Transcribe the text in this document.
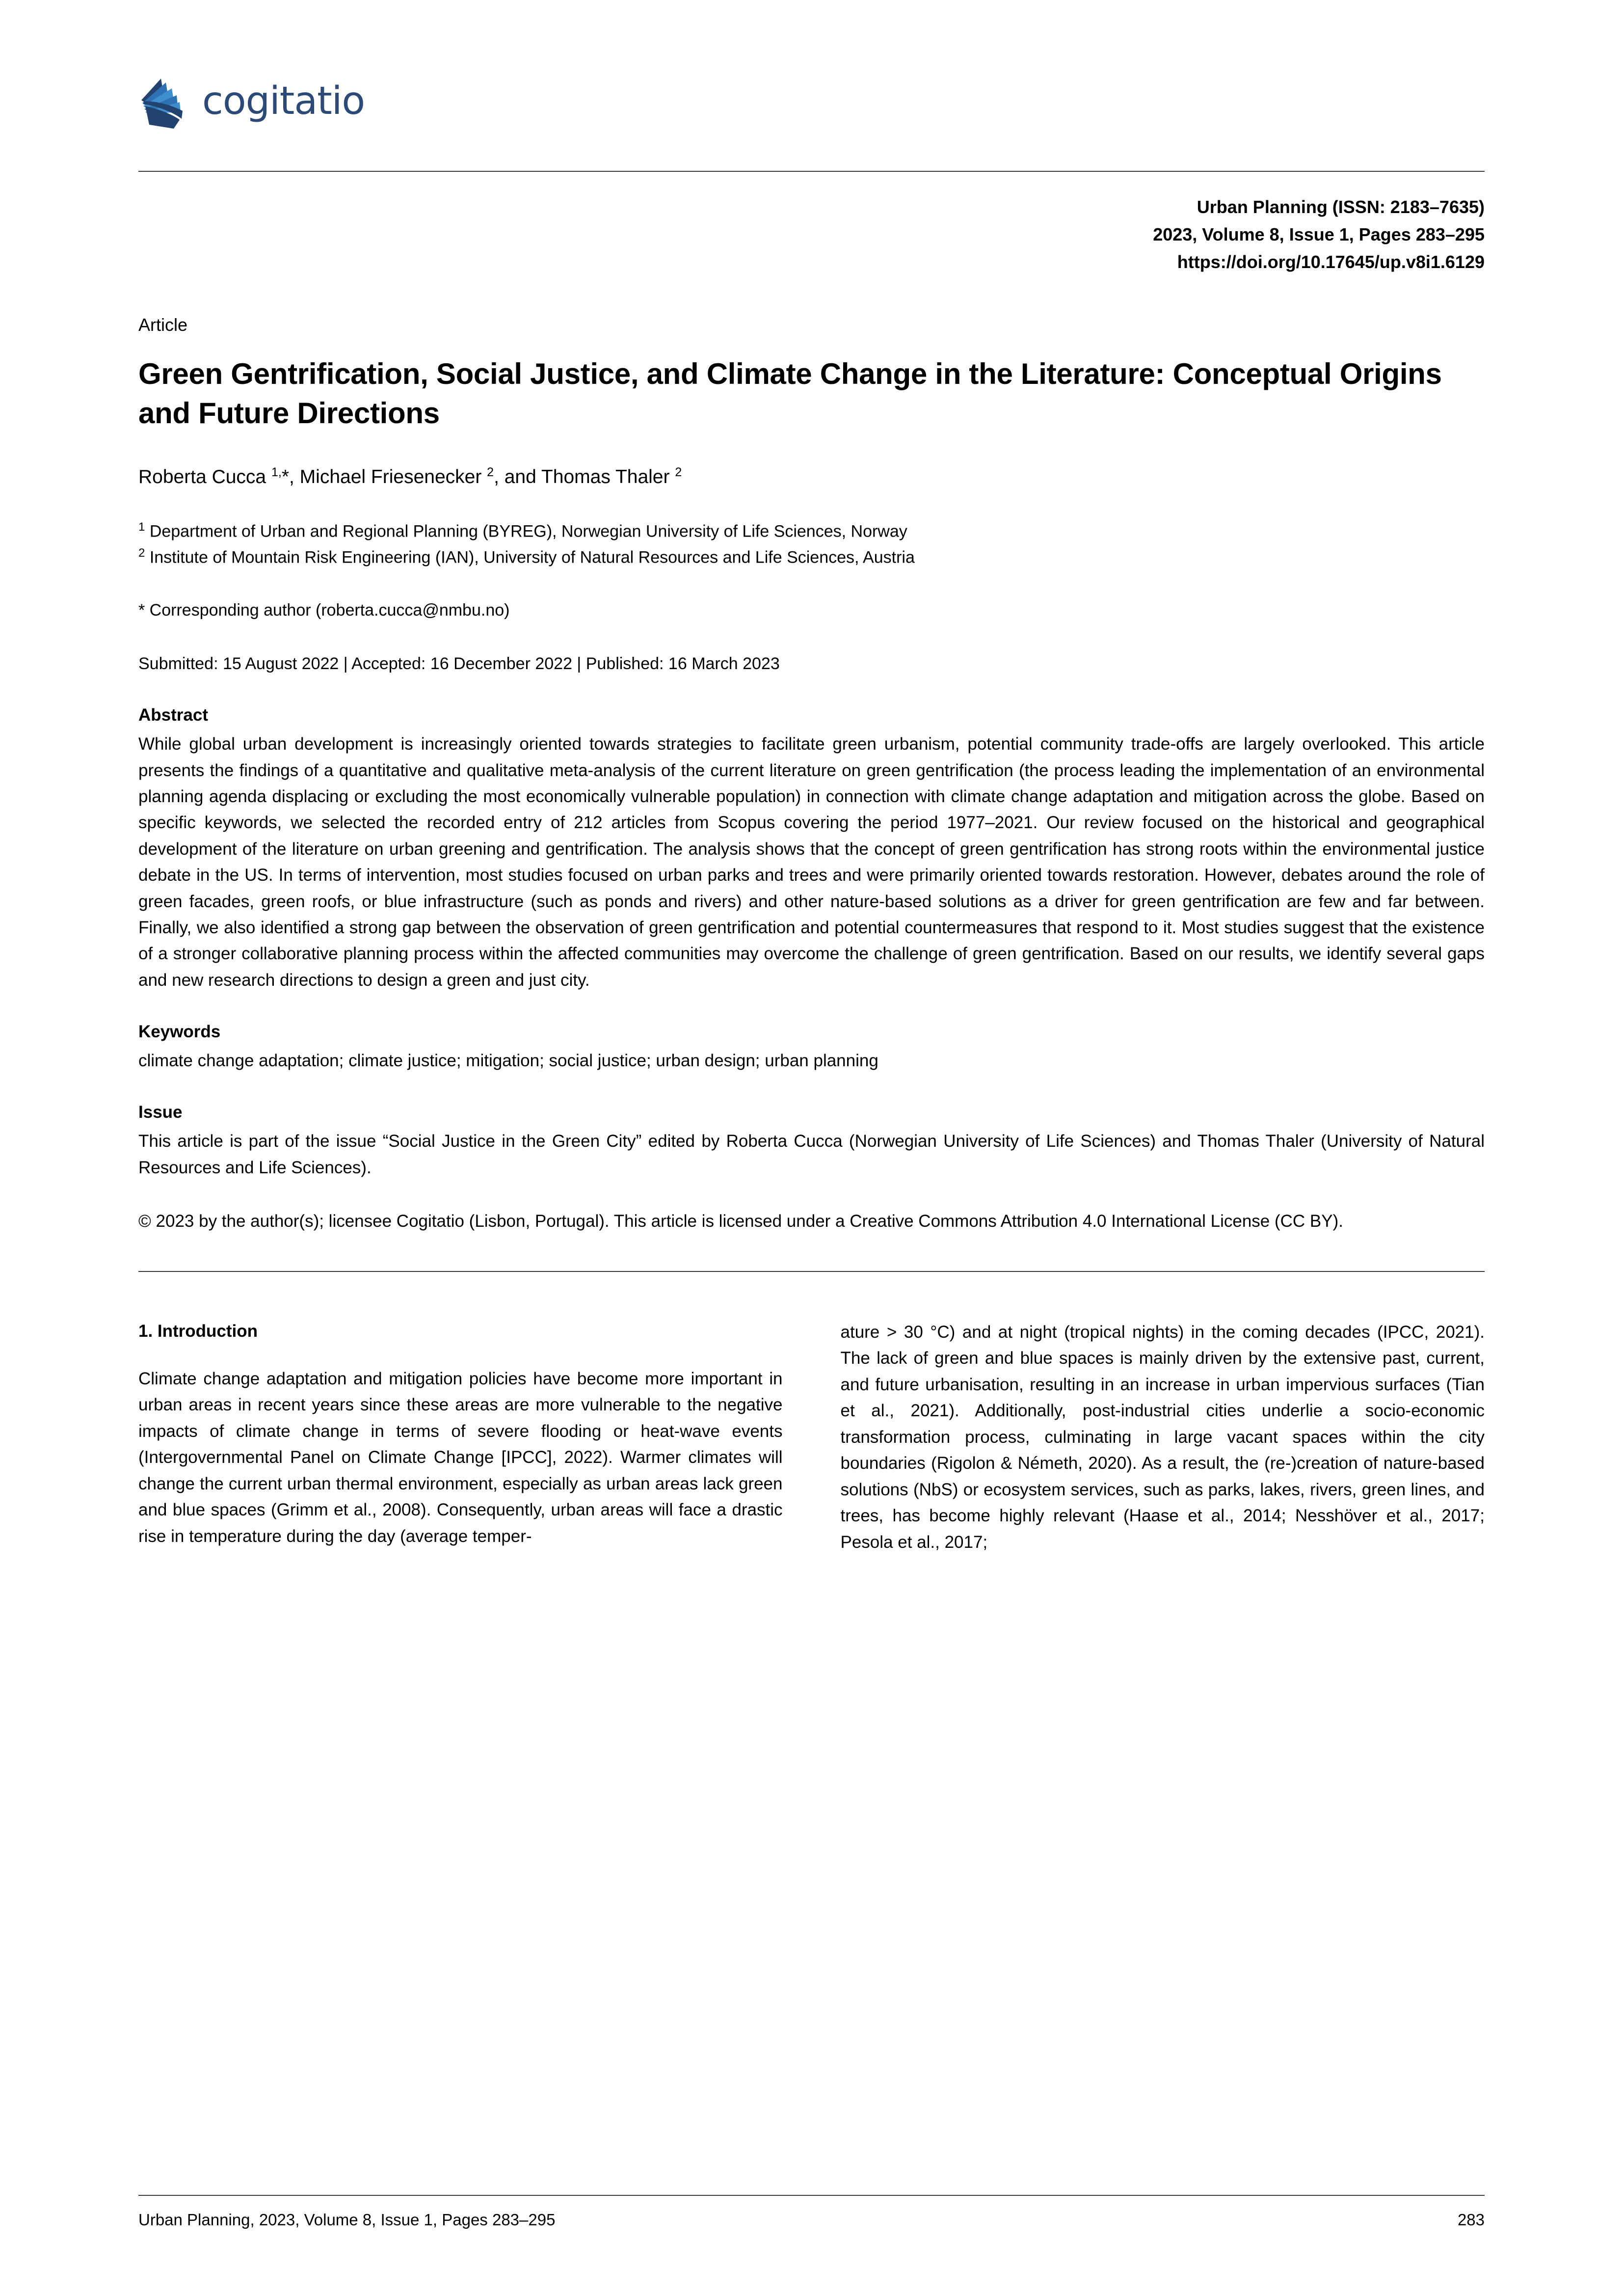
cogitatio
Urban Planning (ISSN: 2183–7635)
2023, Volume 8, Issue 1, Pages 283–295
https://doi.org/10.17645/up.v8i1.6129
Article
Green Gentrification, Social Justice, and Climate Change in the Literature: Conceptual Origins and Future Directions
Roberta Cucca $^{1,}$*, Michael Friesenecker $^2$, and Thomas Thaler $^2$
$^1$ Department of Urban and Regional Planning (BYREG), Norwegian University of Life Sciences, Norway
$^2$ Institute of Mountain Risk Engineering (IAN), University of Natural Resources and Life Sciences, Austria
* Corresponding author (roberta.cucca@nmbu.no)
Submitted: 15 August 2022 | Accepted: 16 December 2022 | Published: 16 March 2023
Abstract
While global urban development is increasingly oriented towards strategies to facilitate green urbanism, potential community trade-offs are largely overlooked. This article presents the findings of a quantitative and qualitative meta-analysis of the current literature on green gentrification (the process leading the implementation of an environmental planning agenda displacing or excluding the most economically vulnerable population) in connection with climate change adaptation and mitigation across the globe. Based on specific keywords, we selected the recorded entry of 212 articles from Scopus covering the period 1977–2021. Our review focused on the historical and geographical development of the literature on urban greening and gentrification. The analysis shows that the concept of green gentrification has strong roots within the environmental justice debate in the US. In terms of intervention, most studies focused on urban parks and trees and were primarily oriented towards restoration. However, debates around the role of green facades, green roofs, or blue infrastructure (such as ponds and rivers) and other nature-based solutions as a driver for green gentrification are few and far between. Finally, we also identified a strong gap between the observation of green gentrification and potential countermeasures that respond to it. Most studies suggest that the existence of a stronger collaborative planning process within the affected communities may overcome the challenge of green gentrification. Based on our results, we identify several gaps and new research directions to design a green and just city.
Keywords
climate change adaptation; climate justice; mitigation; social justice; urban design; urban planning
Issue
This article is part of the issue “Social Justice in the Green City” edited by Roberta Cucca (Norwegian University of Life Sciences) and Thomas Thaler (University of Natural Resources and Life Sciences).
© 2023 by the author(s); licensee Cogitatio (Lisbon, Portugal). This article is licensed under a Creative Commons Attribution 4.0 International License (CC BY).
1. Introduction

Climate change adaptation and mitigation policies have become more important in urban areas in recent years since these areas are more vulnerable to the negative impacts of climate change in terms of severe flooding or heat-wave events (Intergovernmental Panel on Climate Change [IPCC], 2022). Warmer climates will change the current urban thermal environment, especially as urban areas lack green and blue spaces (Grimm et al., 2008). Consequently, urban areas will face a drastic rise in temperature during the day (average temper-

ature > 30 °C) and at night (tropical nights) in the coming decades (IPCC, 2021). The lack of green and blue spaces is mainly driven by the extensive past, current, and future urbanisation, resulting in an increase in urban impervious surfaces (Tian et al., 2021). Additionally, post-industrial cities underlie a socio-economic transformation process, culminating in large vacant spaces within the city boundaries (Rigolon & Németh, 2020). As a result, the (re-)creation of nature-based solutions (NbS) or ecosystem services, such as parks, lakes, rivers, green lines, and trees, has become highly relevant (Haase et al., 2014; Nesshöver et al., 2017; Pesola et al., 2017;

Urban Planning, 2023, Volume 8, Issue 1, Pages 283–295	283
